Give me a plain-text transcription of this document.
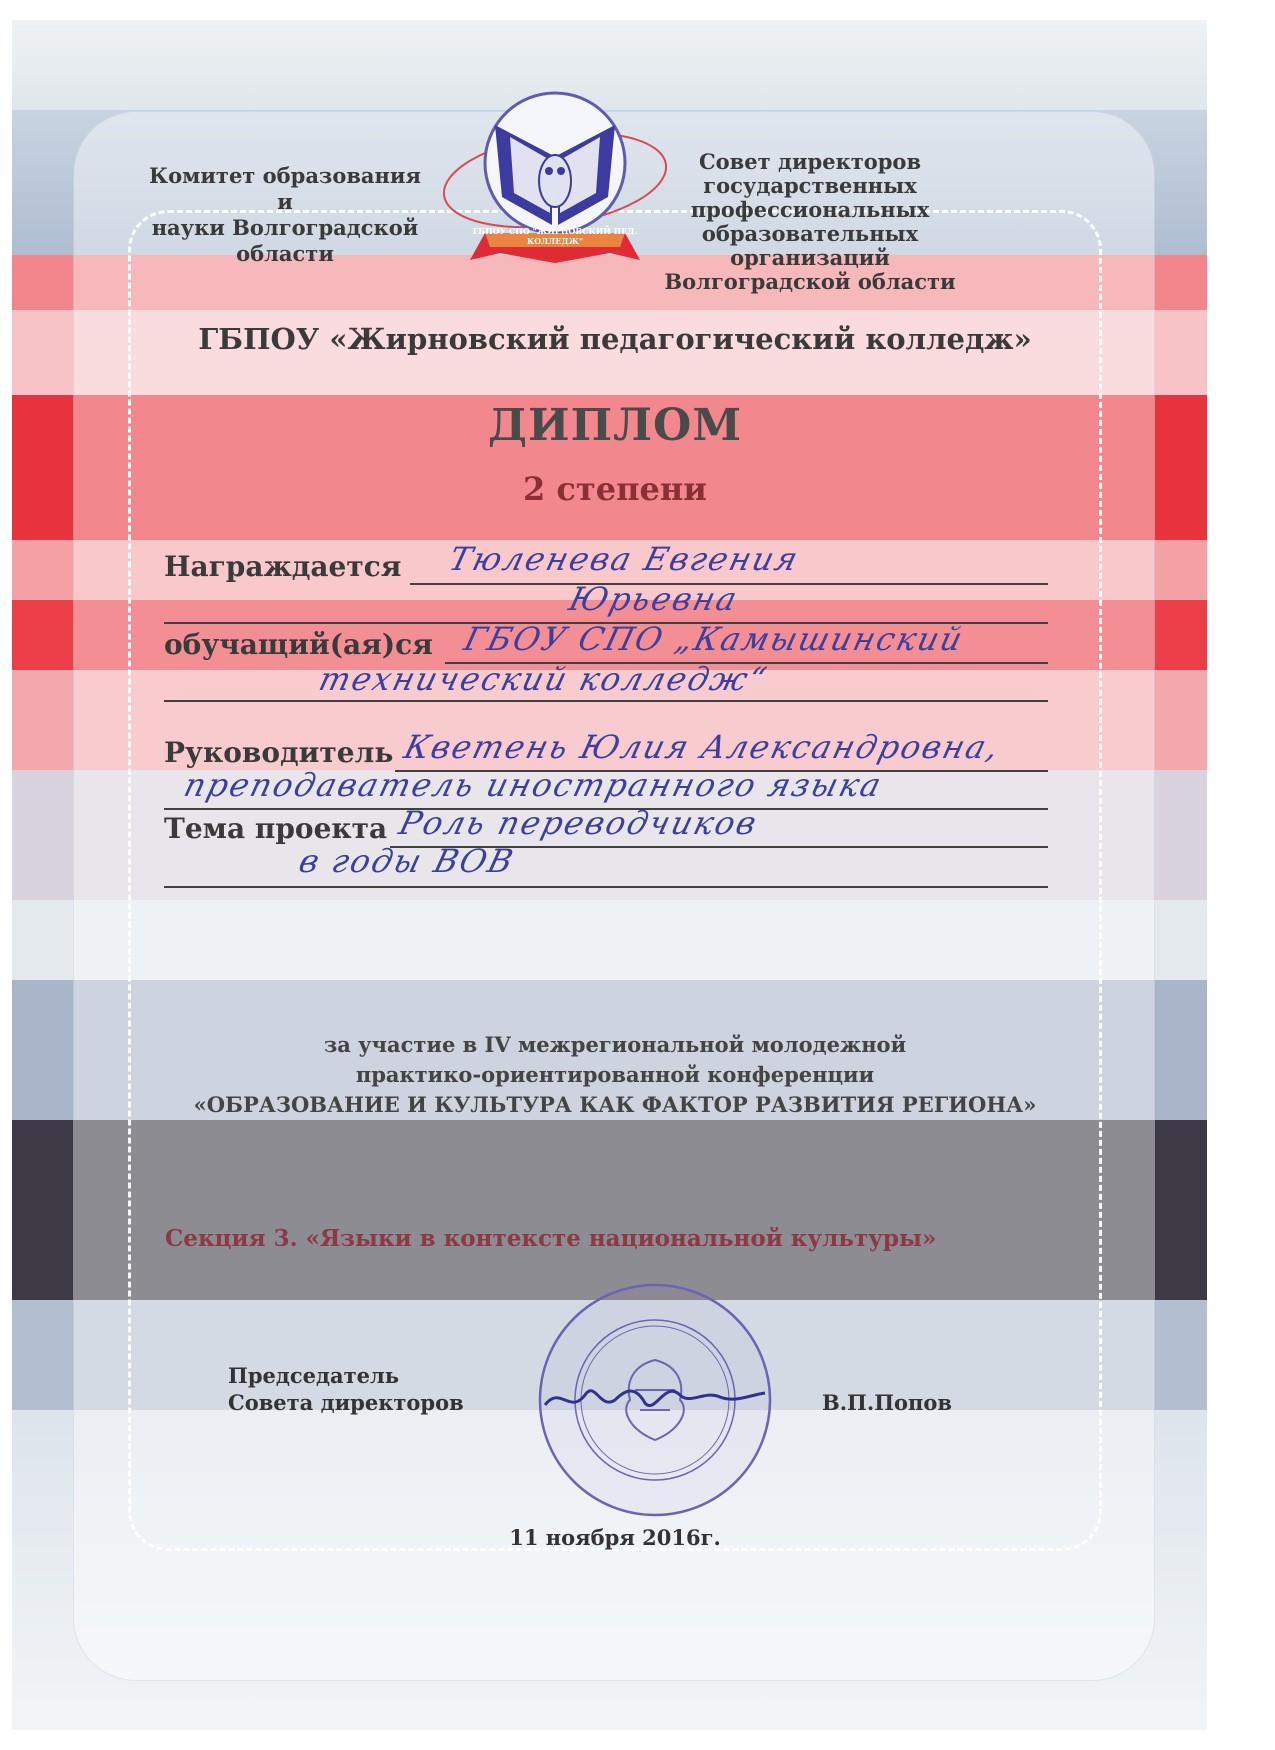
Комитет образования и
науки Волгоградской
области

Совет директоров
государственных
профессиональных
образовательных организаций
Волгоградской области

ГБПОУ СПО "ЖИРНОВСКИЙ ПЕД. КОЛЛЕДЖ"
ГБПОУ «Жирновский педагогический колледж»
ДИПЛОМ
2 степени
Награждается Тюленева Евгения
Юрьевна
обучащий(ая)ся ГБОУ СПО „Камышинский
технический колледж“
Руководитель Кветень Юлия Александровна,
преподаватель иностранного языка
Тема проекта Роль переводчиков
в годы ВОВ

за участие в IV межрегиональной молодежной
практико-ориентированной конференции
«ОБРАЗОВАНИЕ И КУЛЬТУРА КАК ФАКТОР РАЗВИТИЯ РЕГИОНА»

Секция 3. «Языки в контексте национальной культуры»

Председатель
Совета директоров	В.П.Попов
11 ноября 2016г.
